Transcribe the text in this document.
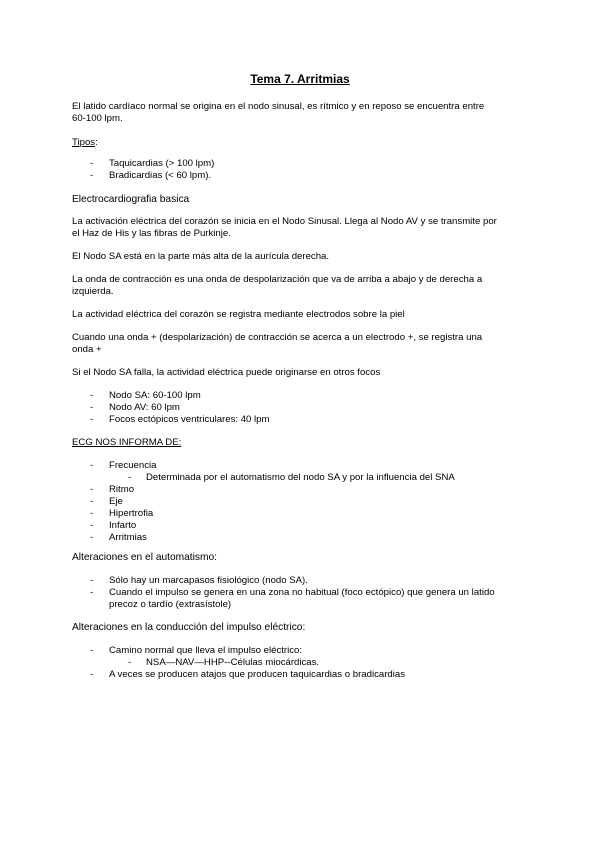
Tema 7. Arritmias
El latido cardíaco normal se origina en el nodo sinusal, es rítmico y en reposo se encuentra entre
60-100 lpm.
Tipos:
- Taquicardias (> 100 lpm)
- Bradicardias (< 60 lpm).
Electrocardiografia basica
La activación eléctrica del corazón se inicia en el Nodo Sinusal. Llega al Nodo AV y se transmite por
el Haz de His y las fibras de Purkinje.
El Nodo SA está en la parte más alta de la aurícula derecha.
La onda de contracción es una onda de despolarización que va de arriba a abajo y de derecha a
izquierda.
La actividad eléctrica del corazón se registra mediante electrodos sobre la piel
Cuando una onda + (despolarización) de contracción se acerca a un electrodo +, se registra una
onda +
Si el Nodo SA falla, la actividad eléctrica puede originarse en otros focos
- Nodo SA: 60-100 lpm
- Nodo AV: 60 lpm
- Focos ectópicos ventriculares: 40 lpm
ECG NOS INFORMA DE:
- Frecuencia
- Determinada por el automatismo del nodo SA y por la influencia del SNA
- Ritmo
- Eje
- Hipertrofia
- Infarto
- Arritmias
Alteraciones en el automatismo:
- Sólo hay un marcapasos fisiológico (nodo SA).
- Cuando el impulso se genera en una zona no habitual (foco ectópico) que genera un latido
precoz o tardío (extrasístole)
Alteraciones en la conducción del impulso eléctrico:
- Camino normal que lleva el impulso eléctrico:
- NSA—NAV—HHP--Células miocárdicas.
- A veces se producen atajos que producen taquicardias o bradicardias
